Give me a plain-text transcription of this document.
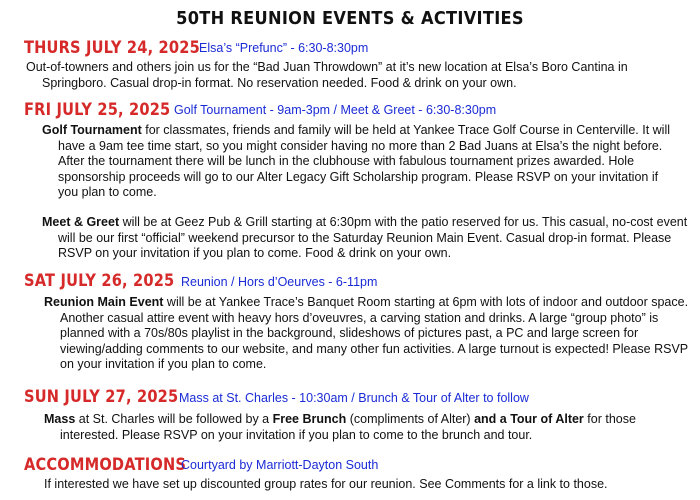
50TH REUNION EVENTS & ACTIVITIES
THURS JULY 24, 2025 Elsa’s “Prefunc” - 6:30-8:30pm
Out-of-towners and others join us for the “Bad Juan Throwdown” at it’s new location at Elsa’s Boro Cantina in Springboro. Casual drop-in format. No reservation needed. Food & drink on your own.
FRI JULY 25, 2025 Golf Tournament - 9am-3pm / Meet & Greet - 6:30-8:30pm
Golf Tournament for classmates, friends and family will be held at Yankee Trace Golf Course in Centerville. It will have a 9am tee time start, so you might consider having no more than 2 Bad Juans at Elsa’s the night before. After the tournament there will be lunch in the clubhouse with fabulous tournament prizes awarded. Hole sponsorship proceeds will go to our Alter Legacy Gift Scholarship program. Please RSVP on your invitation if you plan to come.
Meet & Greet will be at Geez Pub & Grill starting at 6:30pm with the patio reserved for us. This casual, no-cost event will be our first “official” weekend precursor to the Saturday Reunion Main Event. Casual drop-in format. Please RSVP on your invitation if you plan to come. Food & drink on your own.
SAT JULY 26, 2025 Reunion / Hors d’Oeurves - 6-11pm
Reunion Main Event will be at Yankee Trace’s Banquet Room starting at 6pm with lots of indoor and outdoor space. Another casual attire event with heavy hors d’oveuvres, a carving station and drinks. A large “group photo” is planned with a 70s/80s playlist in the background, slideshows of pictures past, a PC and large screen for viewing/adding comments to our website, and many other fun activities. A large turnout is expected! Please RSVP on your invitation if you plan to come.
SUN JULY 27, 2025 Mass at St. Charles - 10:30am / Brunch & Tour of Alter to follow
Mass at St. Charles will be followed by a Free Brunch (compliments of Alter) and a Tour of Alter for those interested. Please RSVP on your invitation if you plan to come to the brunch and tour.
ACCOMMODATIONS
Courtyard by Marriott-Dayton South
If interested we have set up discounted group rates for our reunion. See Comments for a link to those.
